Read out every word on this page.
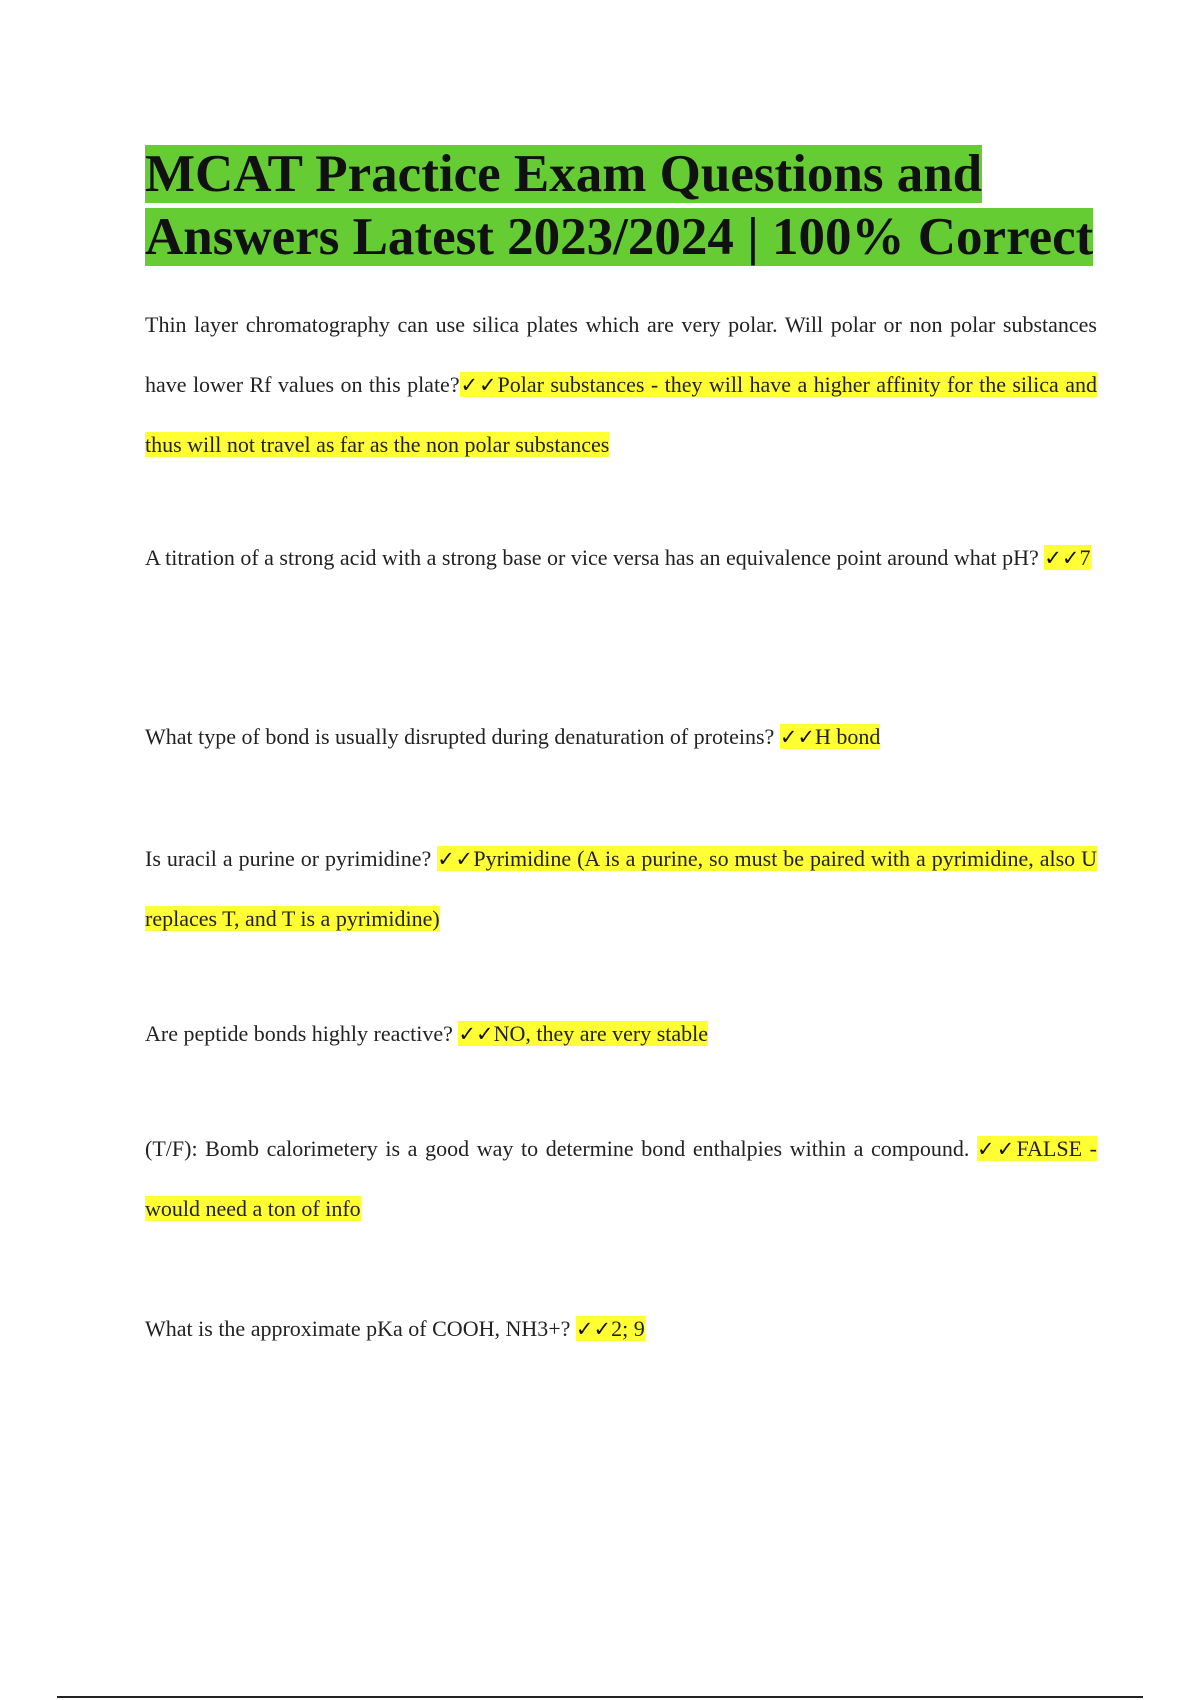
MCAT Practice Exam Questions and Answers Latest 2023/2024 | 100% Correct

Thin layer chromatography can use silica plates which are very polar. Will polar or non polar substances have lower Rf values on this plate?✓✓Polar substances - they will have a higher affinity for the silica and thus will not travel as far as the non polar substances

A titration of a strong acid with a strong base or vice versa has an equivalence point around what pH? ✓✓7

What type of bond is usually disrupted during denaturation of proteins? ✓✓H bond

Is uracil a purine or pyrimidine? ✓✓Pyrimidine (A is a purine, so must be paired with a pyrimidine, also U replaces T, and T is a pyrimidine)

Are peptide bonds highly reactive? ✓✓NO, they are very stable

(T/F): Bomb calorimetery is a good way to determine bond enthalpies within a compound. ✓✓FALSE - would need a ton of info

What is the approximate pKa of COOH, NH3+? ✓✓2; 9
